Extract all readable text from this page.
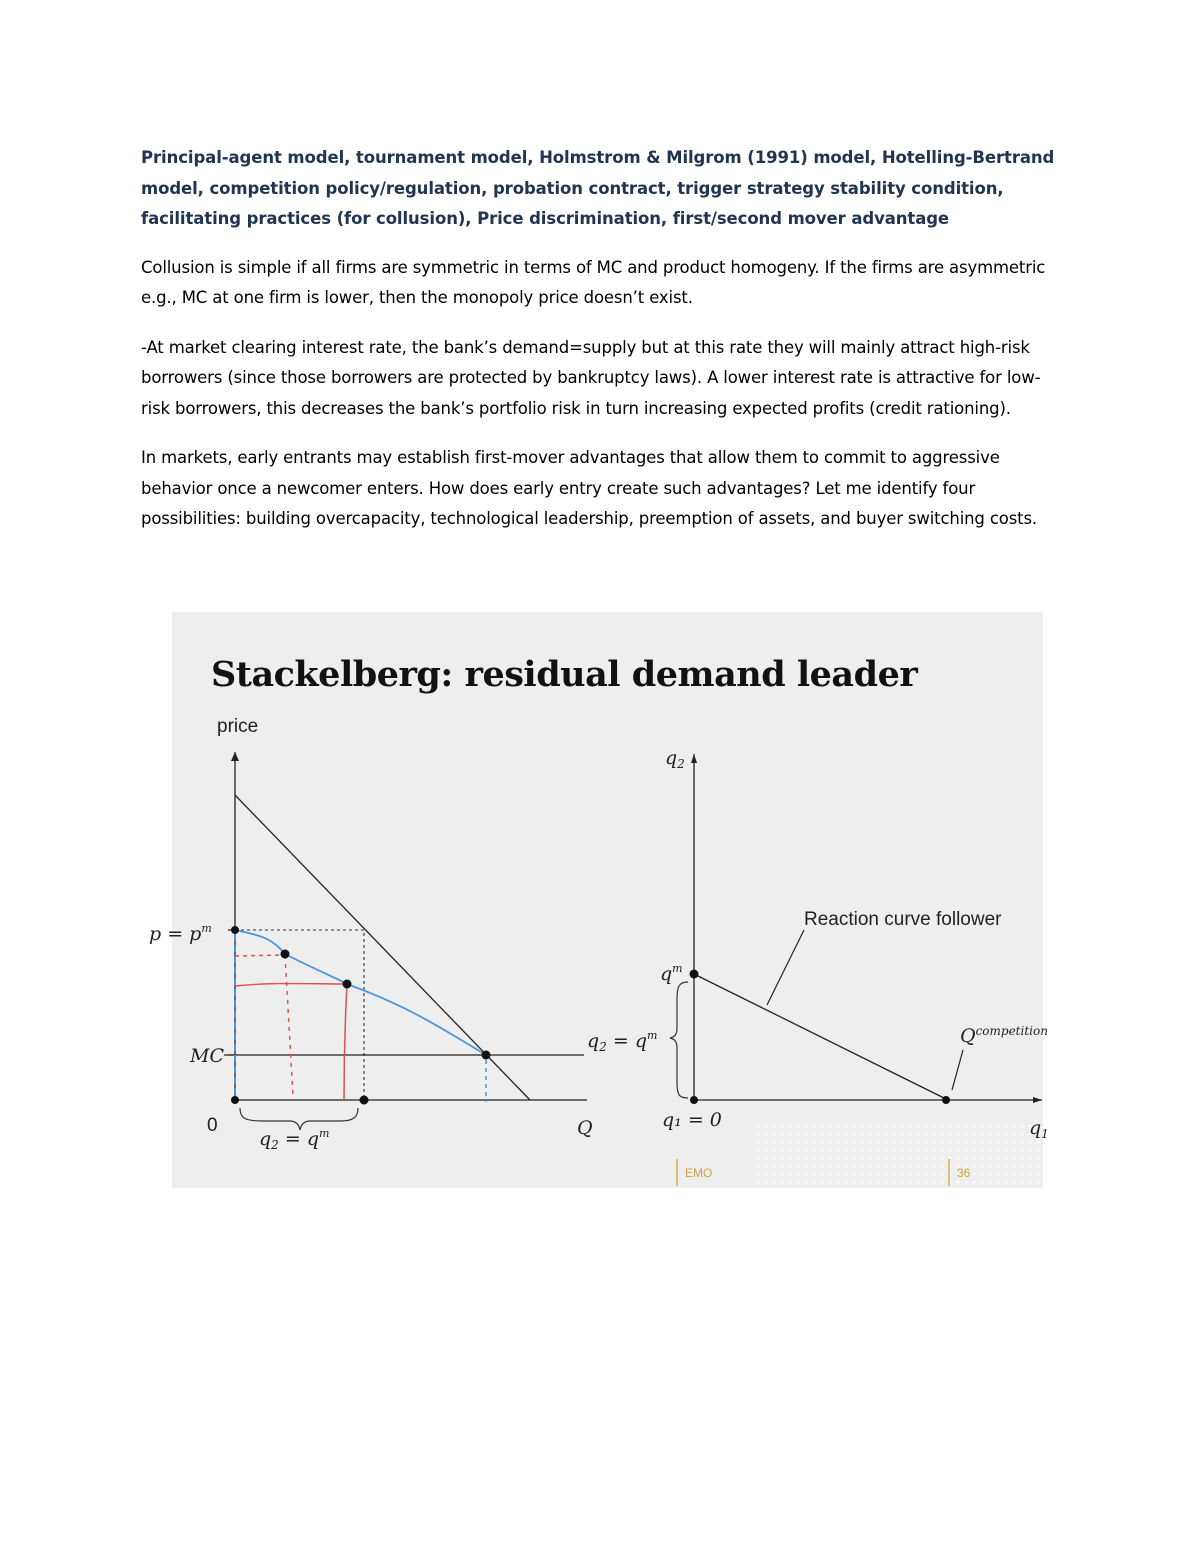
Principal-agent model, tournament model, Holmstrom & Milgrom (1991) model, Hotelling-Bertrand model, competition policy/regulation, probation contract, trigger strategy stability condition, facilitating practices (for collusion), Price discrimination, first/second mover advantage

Collusion is simple if all firms are symmetric in terms of MC and product homogeny. If the firms are asymmetric e.g., MC at one firm is lower, then the monopoly price doesn’t exist.

-At market clearing interest rate, the bank’s demand=supply but at this rate they will mainly attract high-risk borrowers (since those borrowers are protected by bankruptcy laws). A lower interest rate is attractive for low-risk borrowers, this decreases the bank’s portfolio risk in turn increasing expected profits (credit rationing).

In markets, early entrants may establish first-mover advantages that allow them to commit to aggressive behavior once a newcomer enters. How does early entry create such advantages? Let me identify four possibilities: building overcapacity, technological leadership, preemption of assets, and buyer switching costs.

Stackelberg: residual demand leader
price
0	Q
$p = p^m$
MC
$q_2 = q^m$
$q_2$
$q_1$
q₁ = 0
$q^m$
$q_2 = q^m$
Reaction curve follower
$Q^{competition}$
EMO	36
